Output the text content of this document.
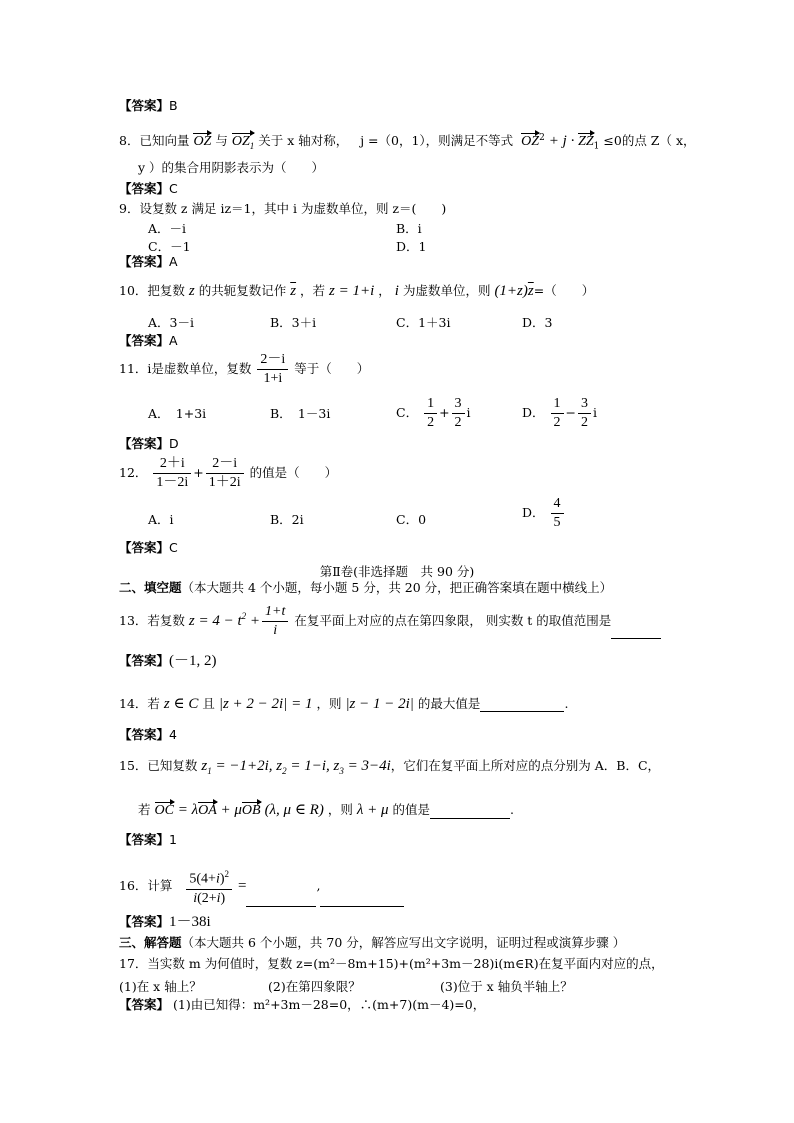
【答案】B
8．已知向量 OZ 与 $OZ_1$ 关于 x 轴对称， j =（0，1），则满足不等式 $OZ^2 + j \cdot ZZ_1 \le 0$的点 Z（ x，
y ）的集合用阴影表示为（　　）
【答案】C
9．设复数 z 满足 iz＝1，其中 i 为虚数单位，则 z＝(　　)
A．－i	B．i
C．－1	D．1
【答案】A
10．把复数 z 的共轭复数记作 $\overline{z}$ ，若 z = 1+i ， i 为虚数单位，则 $(1+z)\overline{z}=$（　　）
A．3－i	B．3＋i	C．1＋3i	D．3
【答案】A
11．i是虚数单位，复数 $\frac{2-i}{1+i}$ 等于（　　）
A．　1+3i	B．　1－3i	C． $\frac{1}{2} + \frac{3}{2}$ i	D． $\frac{1}{2} - \frac{3}{2}$ i
【答案】D
12． $\frac{2+i}{1-2i} + \frac{2-i}{1+2i}$ 的值是（　　）
A．i	B．2i	C．0	D． $\frac{4}{5}$
【答案】C
第Ⅱ卷(非选择题　共 90 分)
二、填空题（本大题共 4 个小题，每小题 5 分，共 20 分，把正确答案填在题中横线上）
13．若复数 $z = 4 - t^2 + \frac{1+t}{i}$ 在复平面上对应的点在第四象限， 则实数 t 的取值范围是
【答案】(－1, 2)
14．若 z ∈ C 且 |z + 2 − 2i| = 1 ，则 |z − 1 − 2i| 的最大值是	.
【答案】4
15．已知复数 $z_1 = -1+2i$, $z_2 = 1-i$, $z_3 = 3-4i$，它们在复平面上所对应的点分别为 A．B．C，
若 OC = λOA + μOB (λ, μ ∈ R) ，则 λ + μ 的值是	.
【答案】1
16．计算 $\frac{5(4+i)^2}{i(2+i)}$ =	,
【答案】1－38i
三、解答题（本大题共 6 个小题，共 70 分，解答应写出文字说明，证明过程或演算步骤 ）
17．当实数 m 为何值时，复数 z=(m²－8m+15)+(m²+3m－28)i(m∈R)在复平面内对应的点，
(1)在 x 轴上？	(2)在第四象限？	(3)位于 x 轴负半轴上？
【答案】 (1)由已知得：m²+3m－28=0，∴(m+7)(m－4)=0，
